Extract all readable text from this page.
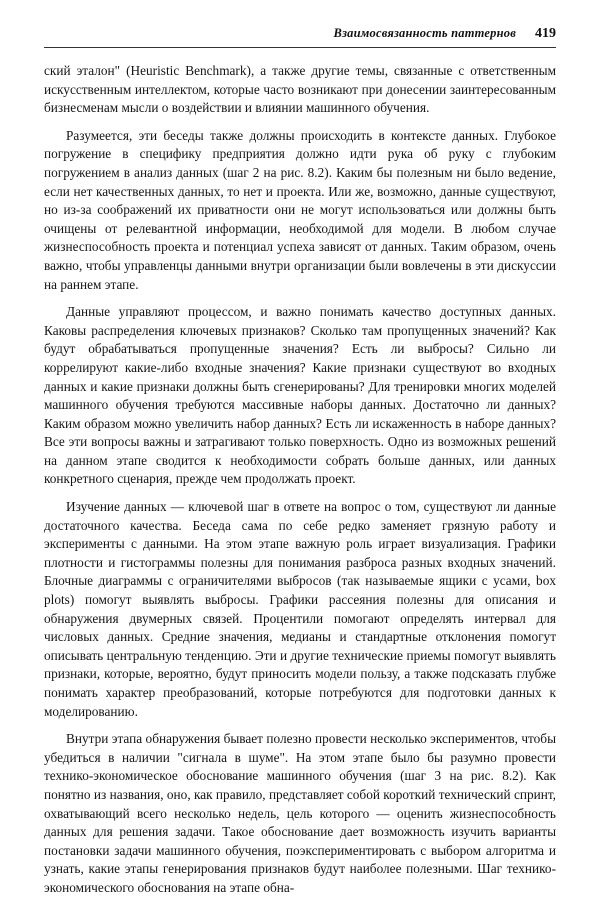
Взаимосвязанность паттернов	419

ский эталон" (Heuristic Benchmark), а также другие темы, связанные с ответственным искусственным интеллектом, которые часто возникают при донесении заинтересованным бизнесменам мысли о воздействии и влиянии машинного обучения.

Разумеется, эти беседы также должны происходить в контексте данных. Глубокое погружение в специфику предприятия должно идти рука об руку с глубоким погружением в анализ данных (шаг 2 на рис. 8.2). Каким бы полезным ни было ведение, если нет качественных данных, то нет и проекта. Или же, возможно, данные существуют, но из-за соображений их приватности они не могут использоваться или должны быть очищены от релевантной информации, необходимой для модели. В любом случае жизнеспособность проекта и потенциал успеха зависят от данных. Таким образом, очень важно, чтобы управленцы данными внутри организации были вовлечены в эти дискуссии на раннем этапе.

Данные управляют процессом, и важно понимать качество доступных данных. Каковы распределения ключевых признаков? Сколько там пропущенных значений? Как будут обрабатываться пропущенные значения? Есть ли выбросы? Сильно ли коррелируют какие-либо входные значения? Какие признаки существуют во входных данных и какие признаки должны быть сгенерированы? Для тренировки многих моделей машинного обучения требуются массивные наборы данных. Достаточно ли данных? Каким образом можно увеличить набор данных? Есть ли искаженность в наборе данных? Все эти вопросы важны и затрагивают только поверхность. Одно из возможных решений на данном этапе сводится к необходимости собрать больше данных, или данных конкретного сценария, прежде чем продолжать проект.

Изучение данных — ключевой шаг в ответе на вопрос о том, существуют ли данные достаточного качества. Беседа сама по себе редко заменяет грязную работу и эксперименты с данными. На этом этапе важную роль играет визуализация. Графики плотности и гистограммы полезны для понимания разброса разных входных значений. Блочные диаграммы с ограничителями выбросов (так называемые ящики с усами, box plots) помогут выявлять выбросы. Графики рассеяния полезны для описания и обнаружения двумерных связей. Процентили помогают определять интервал для числовых данных. Средние значения, медианы и стандартные отклонения помогут описывать центральную тенденцию. Эти и другие технические приемы помогут выявлять признаки, которые, вероятно, будут приносить модели пользу, а также подсказать глубже понимать характер преобразований, которые потребуются для подготовки данных к моделированию.

Внутри этапа обнаружения бывает полезно провести несколько экспериментов, чтобы убедиться в наличии "сигнала в шуме". На этом этапе было бы разумно провести технико-экономическое обоснование машинного обучения (шаг 3 на рис. 8.2). Как понятно из названия, оно, как правило, представляет собой короткий технический спринт, охватывающий всего несколько недель, цель которого — оценить жизнеспособность данных для решения задачи. Такое обоснование дает возможность изучить варианты постановки задачи машинного обучения, поэкспериментировать с выбором алгоритма и узнать, какие этапы генерирования признаков будут наиболее полезными. Шаг технико-экономического обоснования на этапе обна-
